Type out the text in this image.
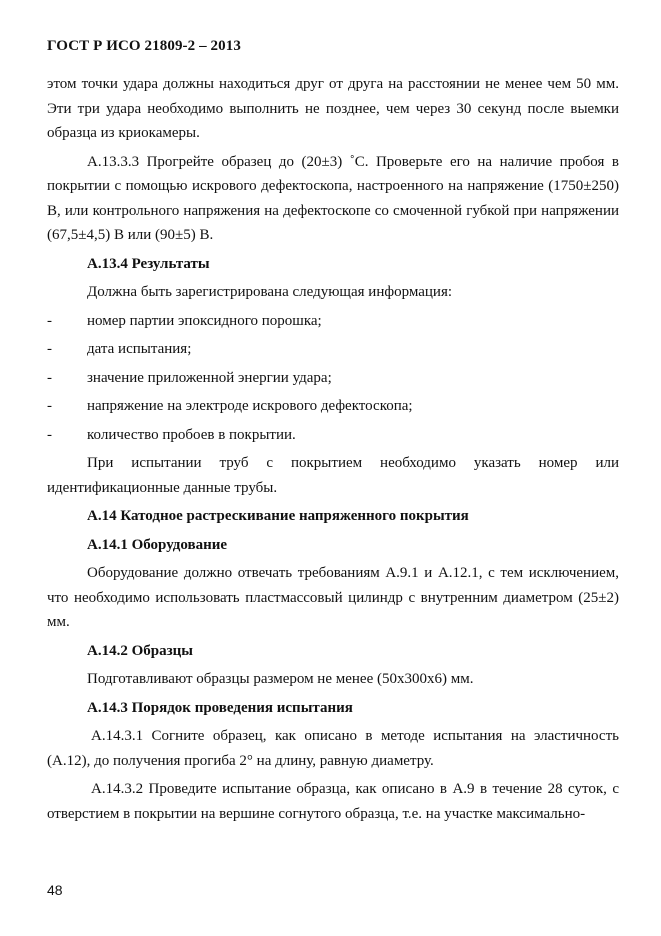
ГОСТ Р ИСО 21809-2 – 2013

этом точки удара должны находиться друг от друга на расстоянии не менее чем 50 мм. Эти три удара необходимо выполнить не позднее, чем через 30 секунд после выемки образца из криокамеры.

А.13.3.3 Прогрейте образец до (20±3) ˚С. Проверьте его на наличие пробоя в покрытии с помощью искрового дефектоскопа, настроенного на напряжение (1750±250) В, или контрольного напряжения на дефектоскопе со смоченной губкой при напряжении (67,5±4,5) В или (90±5) В.

А.13.4 Результаты

Должна быть зарегистрирована следующая информация:

- номер партии эпоксидного порошка;
- дата испытания;
- значение приложенной энергии удара;
- напряжение на электроде искрового дефектоскопа;
- количество пробоев в покрытии.

При испытании труб с покрытием необходимо указать номер или идентификационные данные трубы.

А.14 Катодное растрескивание напряженного покрытия
А.14.1 Оборудование

Оборудование должно отвечать требованиям А.9.1 и А.12.1, с тем исключением, что необходимо использовать пластмассовый цилиндр с внутренним диаметром (25±2) мм.

А.14.2 Образцы

Подготавливают образцы размером не менее (50х300х6) мм.

А.14.3 Порядок проведения испытания

А.14.3.1 Согните образец, как описано в методе испытания на эластичность (А.12), до получения прогиба 2° на длину, равную диаметру.

А.14.3.2 Проведите испытание образца, как описано в А.9 в течение 28 суток, с отверстием в покрытии на вершине согнутого образца, т.е. на участке максимально-

48
